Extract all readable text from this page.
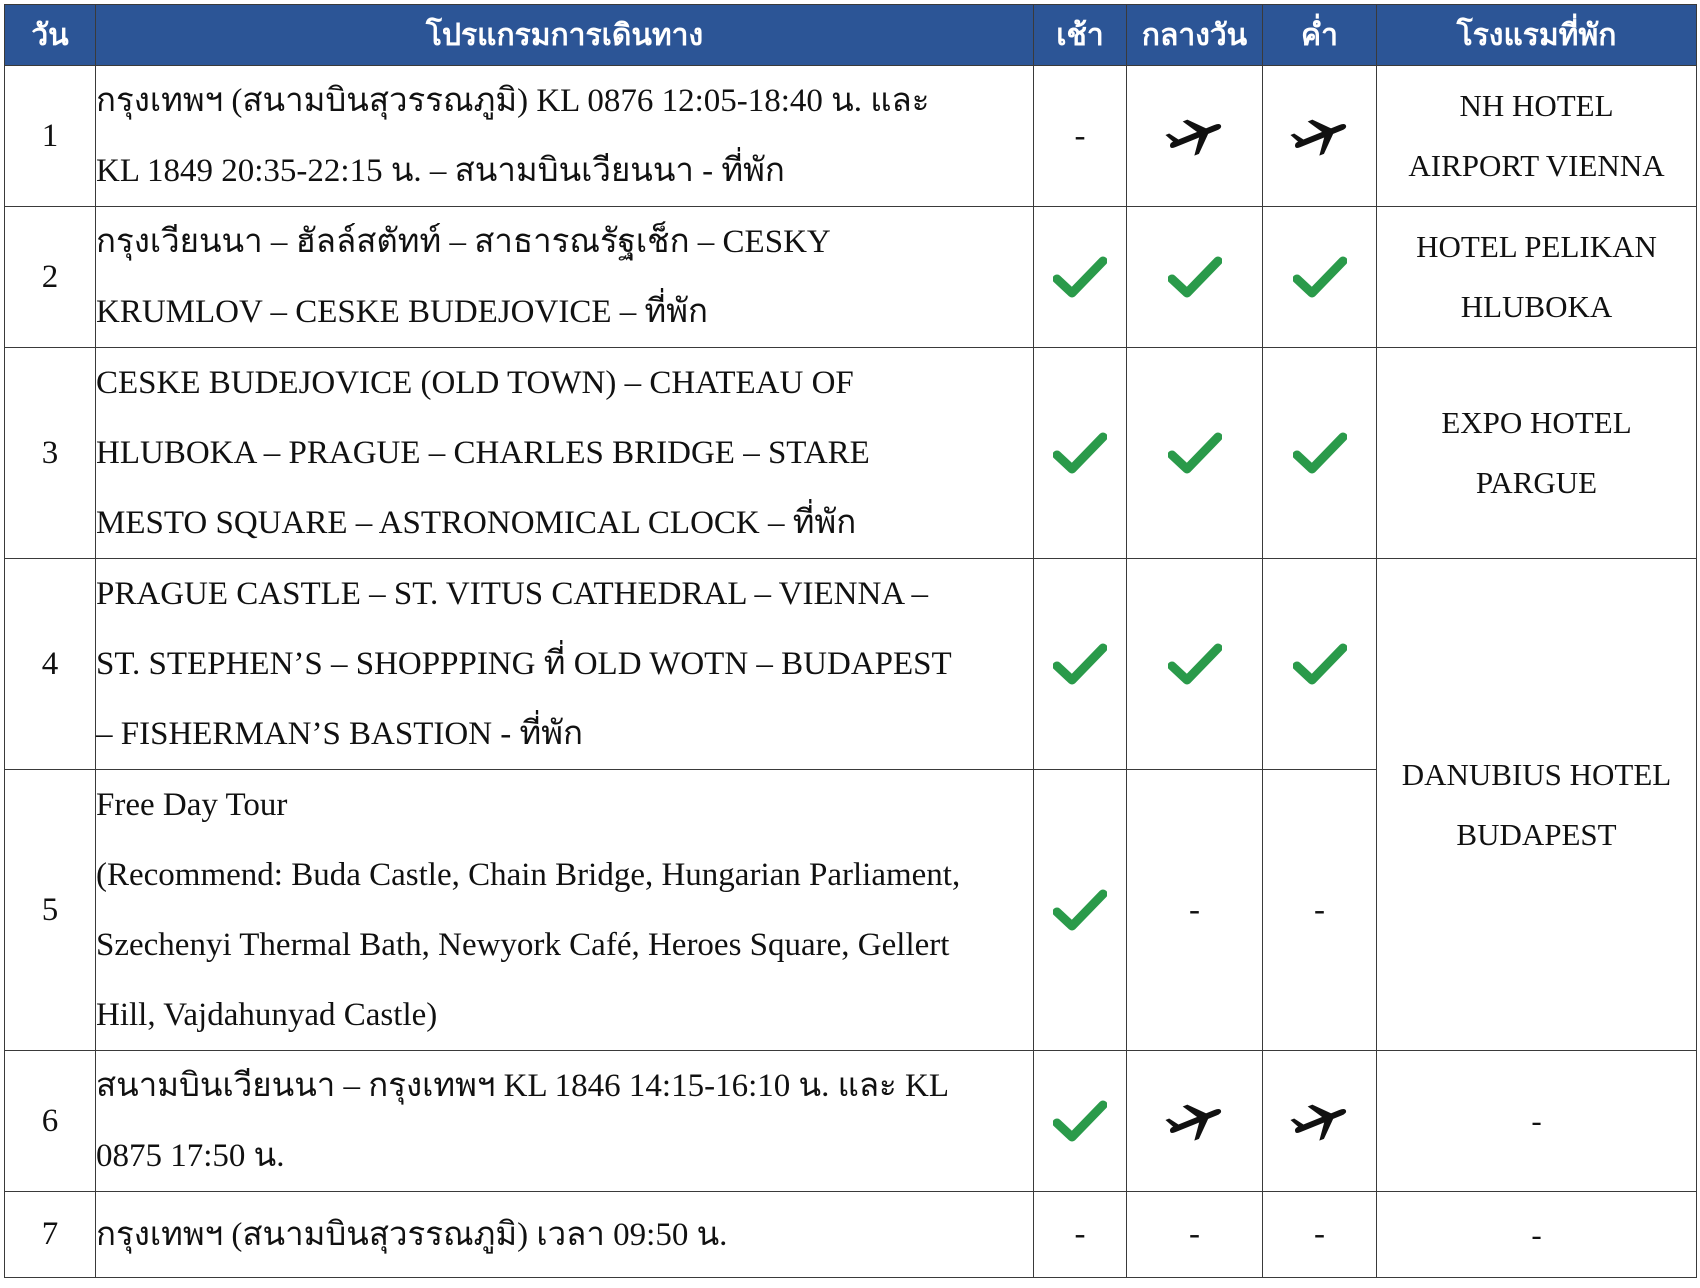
วัน	โปรแกรมการเดินทาง	เช้า	กลางวัน	ค่ำ	โรงแรมที่พัก
1	กรุงเทพฯ (สนามบินสุวรรณภูมิ) KL 0876 12:05-18:40 น. และ
KL 1849 20:35-22:15 น. – สนามบินเวียนนา - ที่พัก	-			NH HOTEL
AIRPORT VIENNA

2	กรุงเวียนนา – ฮัลล์สตัทท์ – สาธารณรัฐเช็ก – CESKY
KRUMLOV – CESKE BUDEJOVICE – ที่พัก				HOTEL PELIKAN
HLUBOKA

3	CESKE BUDEJOVICE (OLD TOWN) – CHATEAU OF
HLUBOKA – PRAGUE – CHARLES BRIDGE – STARE
MESTO SQUARE – ASTRONOMICAL CLOCK – ที่พัก				EXPO HOTEL
PARGUE

4	PRAGUE CASTLE – ST. VITUS CATHEDRAL – VIENNA –
ST. STEPHEN’S – SHOPPPING ที่ OLD WOTN – BUDAPEST
– FISHERMAN’S BASTION - ที่พัก				DANUBIUS HOTEL
BUDAPEST

5	Free Day Tour
(Recommend: Buda Castle, Chain Bridge, Hungarian Parliament,
Szechenyi Thermal Bath, Newyork Café, Heroes Square, Gellert
Hill, Vajdahunyad Castle)		-	-	
6	สนามบินเวียนนา – กรุงเทพฯ KL 1846 14:15-16:10 น. และ KL
0875 17:50 น.				-

7	กรุงเทพฯ (สนามบินสุวรรณภูมิ) เวลา 09:50 น.	-	-	-	-
